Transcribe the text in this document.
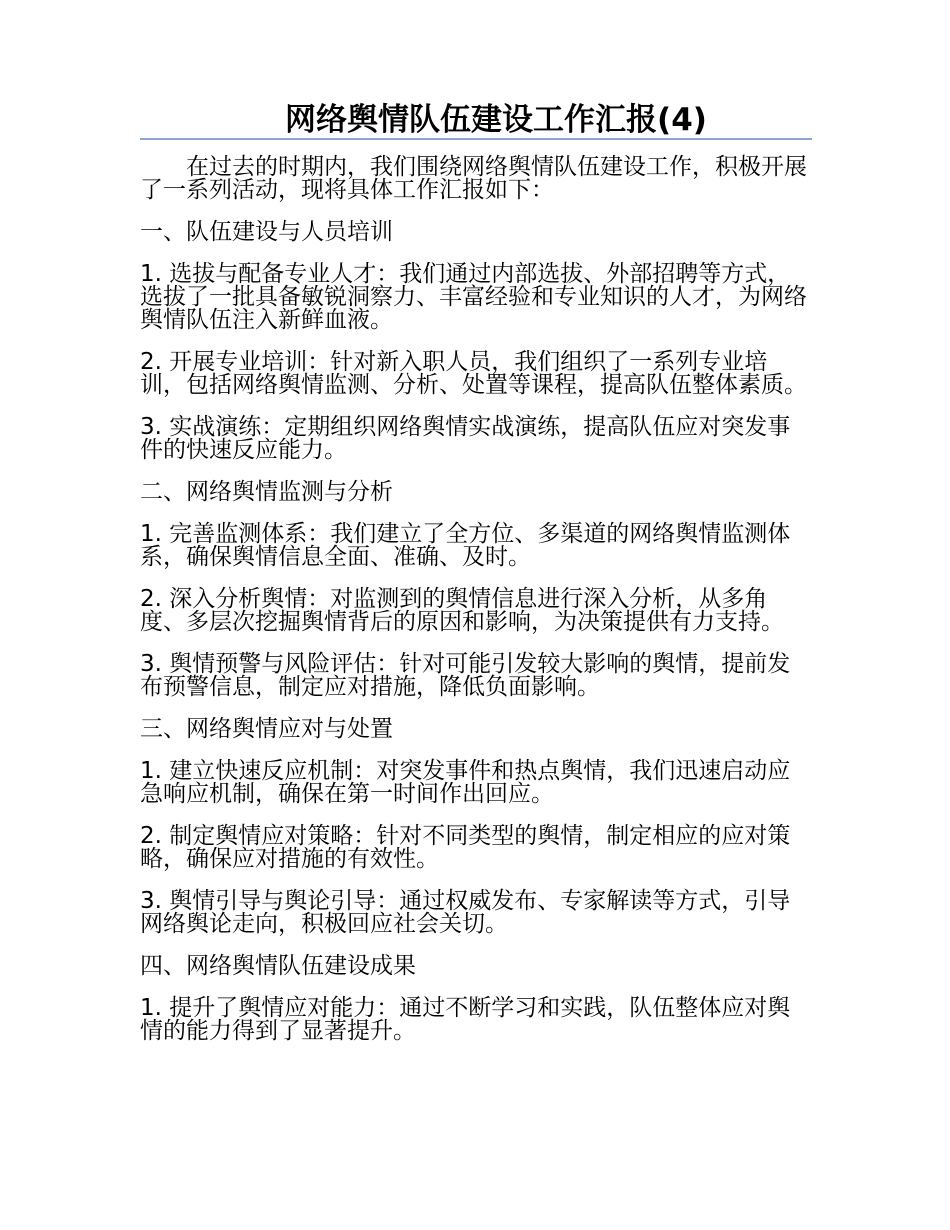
网络舆情队伍建设工作汇报(4)

在过去的时期内，我们围绕网络舆情队伍建设工作，积极开展了一系列活动，现将具体工作汇报如下：

一、队伍建设与人员培训

1. 选拔与配备专业人才：我们通过内部选拔、外部招聘等方式，选拔了一批具备敏锐洞察力、丰富经验和专业知识的人才，为网络舆情队伍注入新鲜血液。

2. 开展专业培训：针对新入职人员，我们组织了一系列专业培训，包括网络舆情监测、分析、处置等课程，提高队伍整体素质。

3. 实战演练：定期组织网络舆情实战演练，提高队伍应对突发事件的快速反应能力。

二、网络舆情监测与分析

1. 完善监测体系：我们建立了全方位、多渠道的网络舆情监测体系，确保舆情信息全面、准确、及时。

2. 深入分析舆情：对监测到的舆情信息进行深入分析，从多角度、多层次挖掘舆情背后的原因和影响，为决策提供有力支持。

3. 舆情预警与风险评估：针对可能引发较大影响的舆情，提前发布预警信息，制定应对措施，降低负面影响。

三、网络舆情应对与处置

1. 建立快速反应机制：对突发事件和热点舆情，我们迅速启动应急响应机制，确保在第一时间作出回应。

2. 制定舆情应对策略：针对不同类型的舆情，制定相应的应对策略，确保应对措施的有效性。

3. 舆情引导与舆论引导：通过权威发布、专家解读等方式，引导网络舆论走向，积极回应社会关切。

四、网络舆情队伍建设成果

1. 提升了舆情应对能力：通过不断学习和实践，队伍整体应对舆情的能力得到了显著提升。
